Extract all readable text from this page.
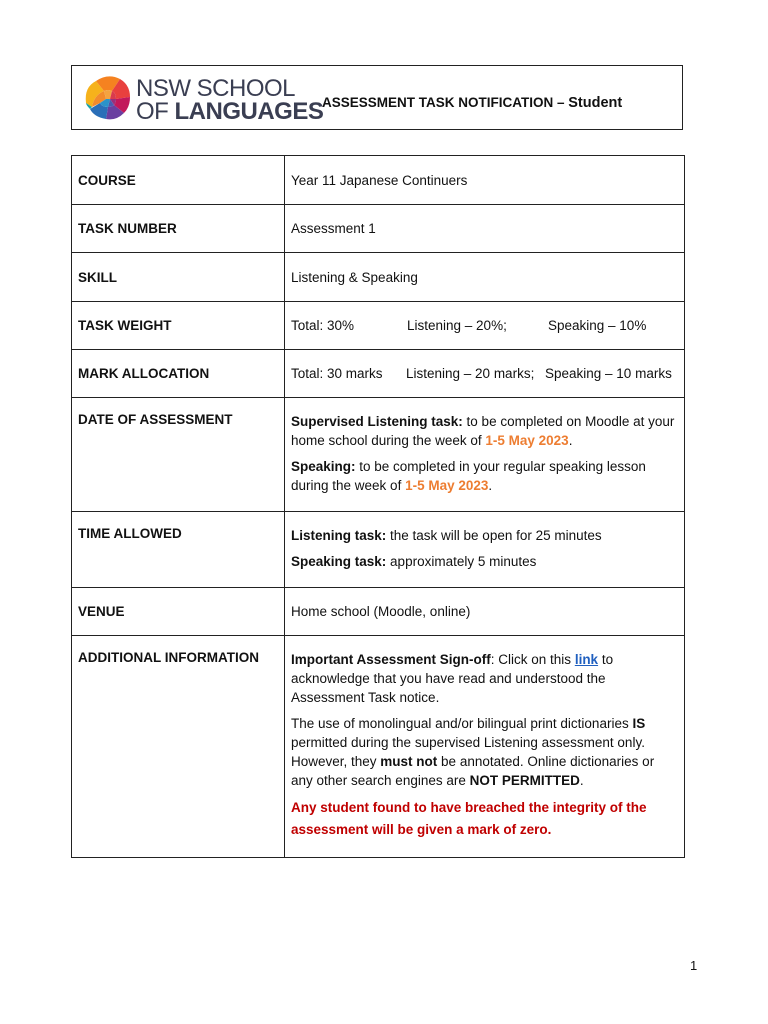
NSW SCHOOL
OF LANGUAGES
ASSESSMENT TASK NOTIFICATION – Student
COURSE	Year 11 Japanese Continuers
TASK NUMBER	Assessment 1
SKILL	Listening & Speaking
TASK WEIGHT	Total: 30% Listening – 20%; Speaking – 10%
MARK ALLOCATION	Total: 30 marks Listening – 20 marks; Speaking – 10 marks
DATE OF ASSESSMENT	Supervised Listening task: to be completed on Moodle at your home school during the week of 1-5 May 2023.

Speaking: to be completed in your regular speaking lesson during the week of 1-5 May 2023.

TIME ALLOWED	Listening task: the task will be open for 25 minutes

Speaking task: approximately 5 minutes

VENUE	Home school (Moodle, online)
ADDITIONAL INFORMATION	Important Assessment Sign-off: Click on this link to acknowledge that you have read and understood the Assessment Task notice.

The use of monolingual and/or bilingual print dictionaries IS permitted during the supervised Listening assessment only. However, they must not be annotated. Online dictionaries or any other search engines are NOT PERMITTED.

Any student found to have breached the integrity of the assessment will be given a mark of zero.

1
